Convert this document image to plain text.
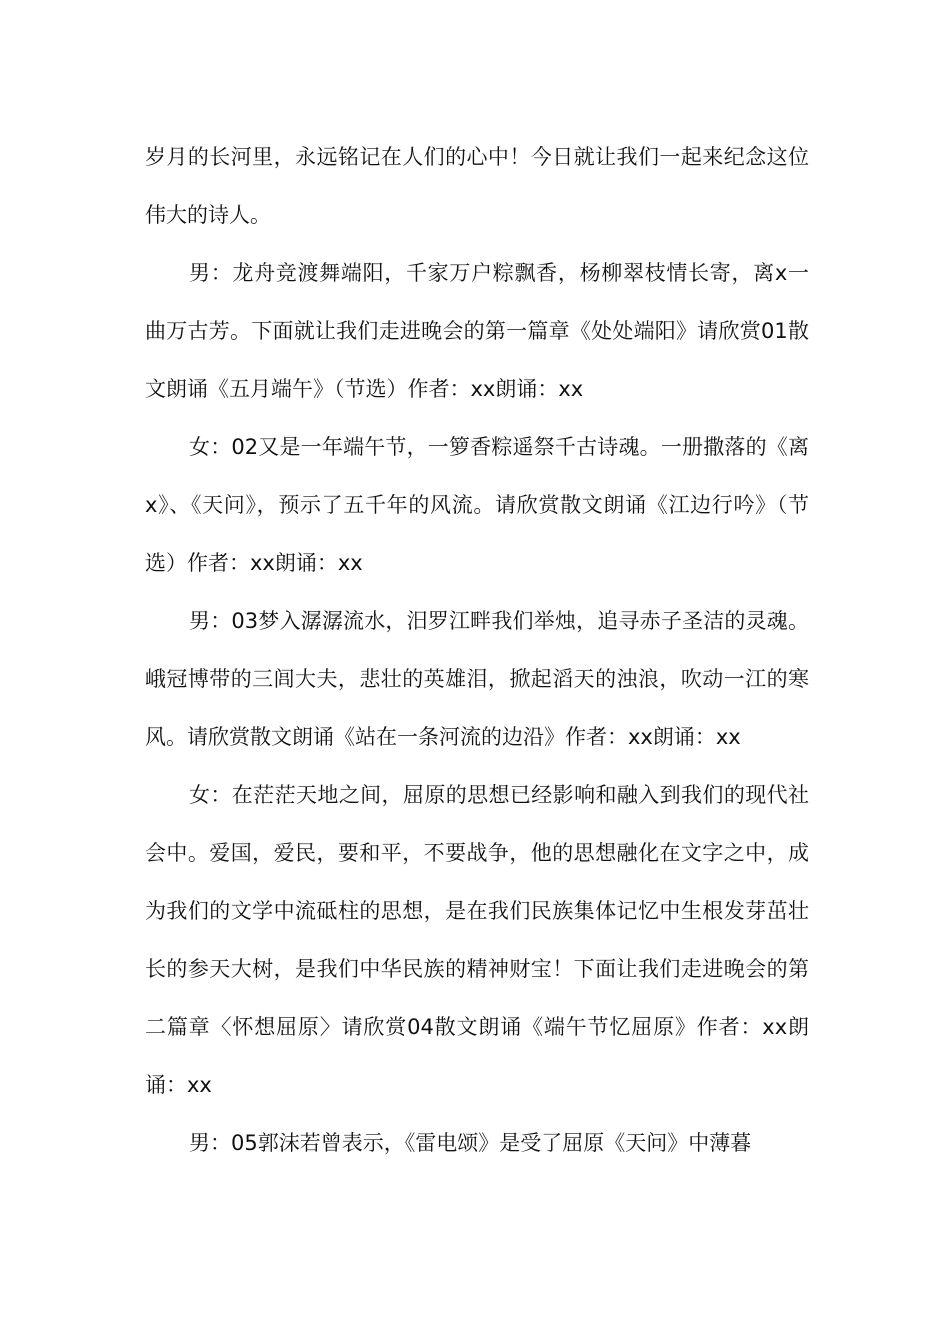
岁月的长河里，永远铭记在人们的心中！今日就让我们一起来纪念这位伟大的诗人。

男：龙舟竞渡舞端阳，千家万户粽飘香，杨柳翠枝情长寄，离x一曲万古芳。下面就让我们走进晚会的第一篇章《处处端阳》请欣赏01散文朗诵《五月端午》（节选）作者：xx朗诵：xx

女：02又是一年端午节，一箩香粽遥祭千古诗魂。一册撒落的《离x》、《天问》，预示了五千年的风流。请欣赏散文朗诵《江边行吟》（节选）作者：xx朗诵：xx

男：03梦入潺潺流水，汨罗江畔我们举烛，追寻赤子圣洁的灵魂。峨冠博带的三闾大夫，悲壮的英雄泪，掀起滔天的浊浪，吹动一江的寒风。请欣赏散文朗诵《站在一条河流的边沿》作者：xx朗诵：xx

女：在茫茫天地之间，屈原的思想已经影响和融入到我们的现代社会中。爱国，爱民，要和平，不要战争，他的思想融化在文字之中，成为我们的文学中流砥柱的思想，是在我们民族集体记忆中生根发芽茁壮长的参天大树，是我们中华民族的精神财宝！下面让我们走进晚会的第二篇章〈怀想屈原〉请欣赏04散文朗诵《端午节忆屈原》作者：xx朗诵：xx

男：05郭沫若曾表示，《雷电颂》是受了屈原《天问》中薄暮
